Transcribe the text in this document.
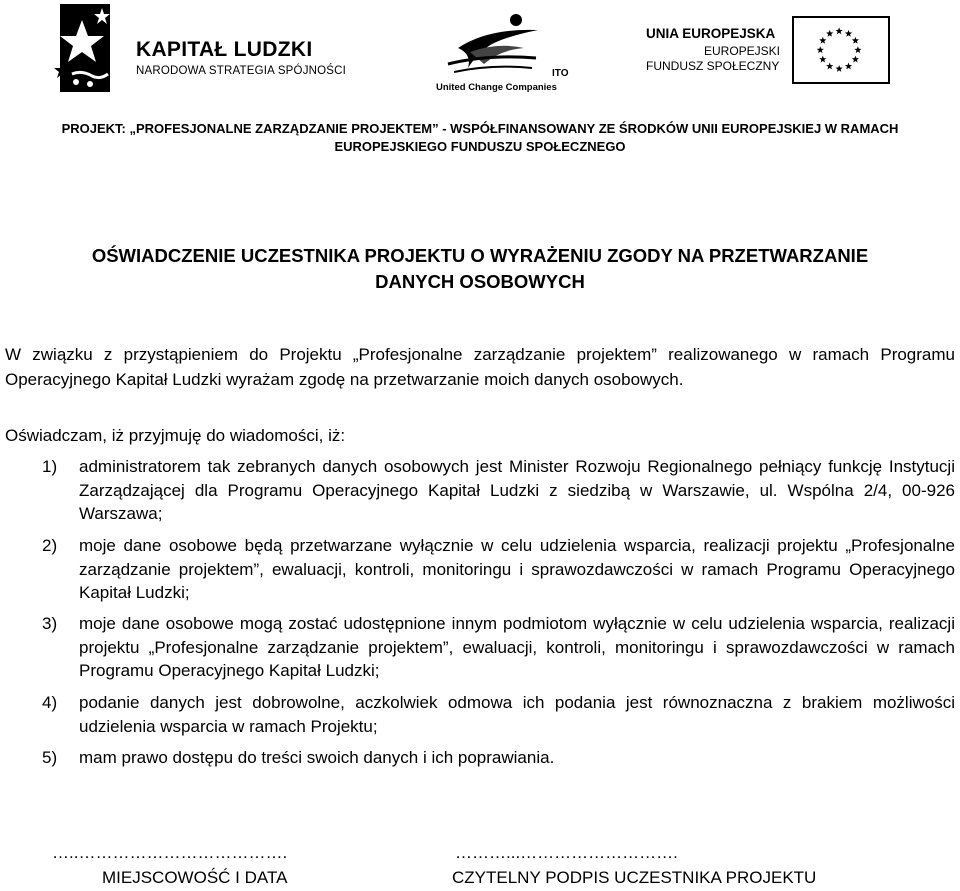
KAPITAŁ LUDZKI
NARODOWA STRATEGIA SPÓJNOŚCI	ITO
United Change Companies
UNIA EUROPEJSKA
EUROPEJSKI
FUNDUSZ SPOŁECZNY
PROJEKT: „PROFESJONALNE ZARZĄDZANIE PROJEKTEM” - WSPÓŁFINANSOWANY ZE ŚRODKÓW UNII EUROPEJSKIEJ W RAMACH
EUROPEJSKIEGO FUNDUSZU SPOŁECZNEGO
OŚWIADCZENIE UCZESTNIKA PROJEKTU O WYRAŻENIU ZGODY NA PRZETWARZANIE
DANYCH OSOBOWYCH
W związku z przystąpieniem do Projektu „Profesjonalne zarządzanie projektem” realizowanego w ramach Programu Operacyjnego Kapitał Ludzki wyrażam zgodę na przetwarzanie moich danych osobowych.
Oświadczam, iż przyjmuję do wiadomości, iż:
1) administratorem tak zebranych danych osobowych jest Minister Rozwoju Regionalnego pełniący funkcję Instytucji Zarządzającej dla Programu Operacyjnego Kapitał Ludzki z siedzibą w Warszawie, ul. Wspólna 2/4, 00-926 Warszawa;
2) moje dane osobowe będą przetwarzane wyłącznie w celu udzielenia wsparcia, realizacji projektu „Profesjonalne zarządzanie projektem”, ewaluacji, kontroli, monitoringu i sprawozdawczości w ramach Programu Operacyjnego Kapitał Ludzki;
3) moje dane osobowe mogą zostać udostępnione innym podmiotom wyłącznie w celu udzielenia wsparcia, realizacji projektu „Profesjonalne zarządzanie projektem”, ewaluacji, kontroli, monitoringu i sprawozdawczości w ramach Programu Operacyjnego Kapitał Ludzki;
4) podanie danych jest dobrowolne, aczkolwiek odmowa ich podania jest równoznaczna z brakiem możliwości udzielenia wsparcia w ramach Projektu;
5) mam prawo dostępu do treści swoich danych i ich poprawiania.
…..……………………………….
MIEJSCOWOŚĆ I DATA
………...……………………….
CZYTELNY PODPIS UCZESTNIKA PROJEKTU
